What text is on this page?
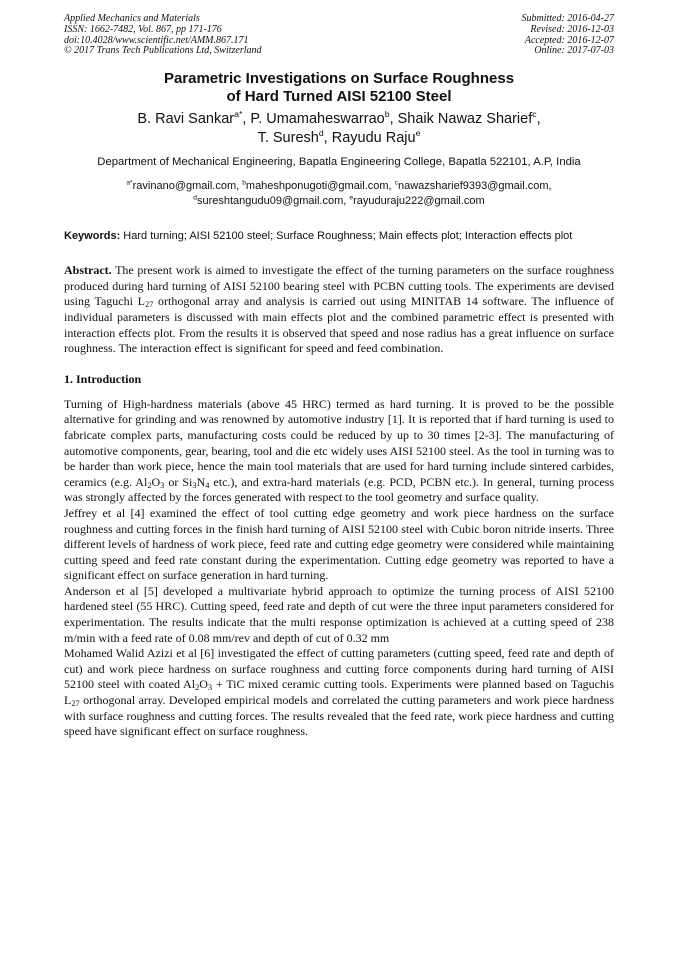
Applied Mechanics and Materials
ISSN: 1662-7482, Vol. 867, pp 171-176
doi:10.4028/www.scientific.net/AMM.867.171
© 2017 Trans Tech Publications Ltd, Switzerland
Submitted: 2016-04-27
Revised: 2016-12-03
Accepted: 2016-12-07
Online: 2017-07-03
Parametric Investigations on Surface Roughness
of Hard Turned AISI 52100 Steel
B. Ravi Sankar$^{a*}$, P. Umamaheswarrao$^b$, Shaik Nawaz Sharief$^c$,
T. Suresh$^d$, Rayudu Raju$^e$
Department of Mechanical Engineering, Bapatla Engineering College, Bapatla 522101, A.P, India
$^{a*}$ravinano@gmail.com, $^b$maheshponugoti@gmail.com, $^c$nawazsharief9393@gmail.com,
$^d$sureshtangudu09@gmail.com, $^e$rayuduraju222@gmail.com
Keywords: Hard turning; AISI 52100 steel; Surface Roughness; Main effects plot; Interaction effects plot
Abstract. The present work is aimed to investigate the effect of the turning parameters on the surface roughness produced during hard turning of AISI 52100 bearing steel with PCBN cutting tools. The experiments are devised using Taguchi $L_{27}$ orthogonal array and analysis is carried out using MINITAB 14 software. The influence of individual parameters is discussed with main effects plot and the combined parametric effect is presented with interaction effects plot. From the results it is observed that speed and nose radius has a great influence on surface roughness. The interaction effect is significant for speed and feed combination.
1. Introduction

Turning of High-hardness materials (above 45 HRC) termed as hard turning. It is proved to be the possible alternative for grinding and was renowned by automotive industry [1]. It is reported that if hard turning is used to fabricate complex parts, manufacturing costs could be reduced by up to 30 times [2-3]. The manufacturing of automotive components, gear, bearing, tool and die etc widely uses AISI 52100 steel. As the tool in turning was to be harder than work piece, hence the main tool materials that are used for hard turning include sintered carbides, ceramics (e.g. $Al_2O_3$ or $Si_3N_4$ etc.), and extra-hard materials (e.g. PCD, PCBN etc.). In general, turning process was strongly affected by the forces generated with respect to the tool geometry and surface quality.

Jeffrey et al [4] examined the effect of tool cutting edge geometry and work piece hardness on the surface roughness and cutting forces in the finish hard turning of AISI 52100 steel with Cubic boron nitride inserts. Three different levels of hardness of work piece, feed rate and cutting edge geometry were considered while maintaining cutting speed and feed rate constant during the experimentation. Cutting edge geometry was reported to have a significant effect on surface generation in hard turning.

Anderson et al [5] developed a multivariate hybrid approach to optimize the turning process of AISI 52100 hardened steel (55 HRC). Cutting speed, feed rate and depth of cut were the three input parameters considered for experimentation. The results indicate that the multi response optimization is achieved at a cutting speed of 238 m/min with a feed rate of 0.08 mm/rev and depth of cut of 0.32 mm

Mohamed Walid Azizi et al [6] investigated the effect of cutting parameters (cutting speed, feed rate and depth of cut) and work piece hardness on surface roughness and cutting force components during hard turning of AISI 52100 steel with coated $Al_2O_3$ + TiC mixed ceramic cutting tools. Experiments were planned based on Taguchis $L_{27}$ orthogonal array. Developed empirical models and correlated the cutting parameters and work piece hardness with surface roughness and cutting forces. The results revealed that the feed rate, work piece hardness and cutting speed have significant effect on surface roughness.
